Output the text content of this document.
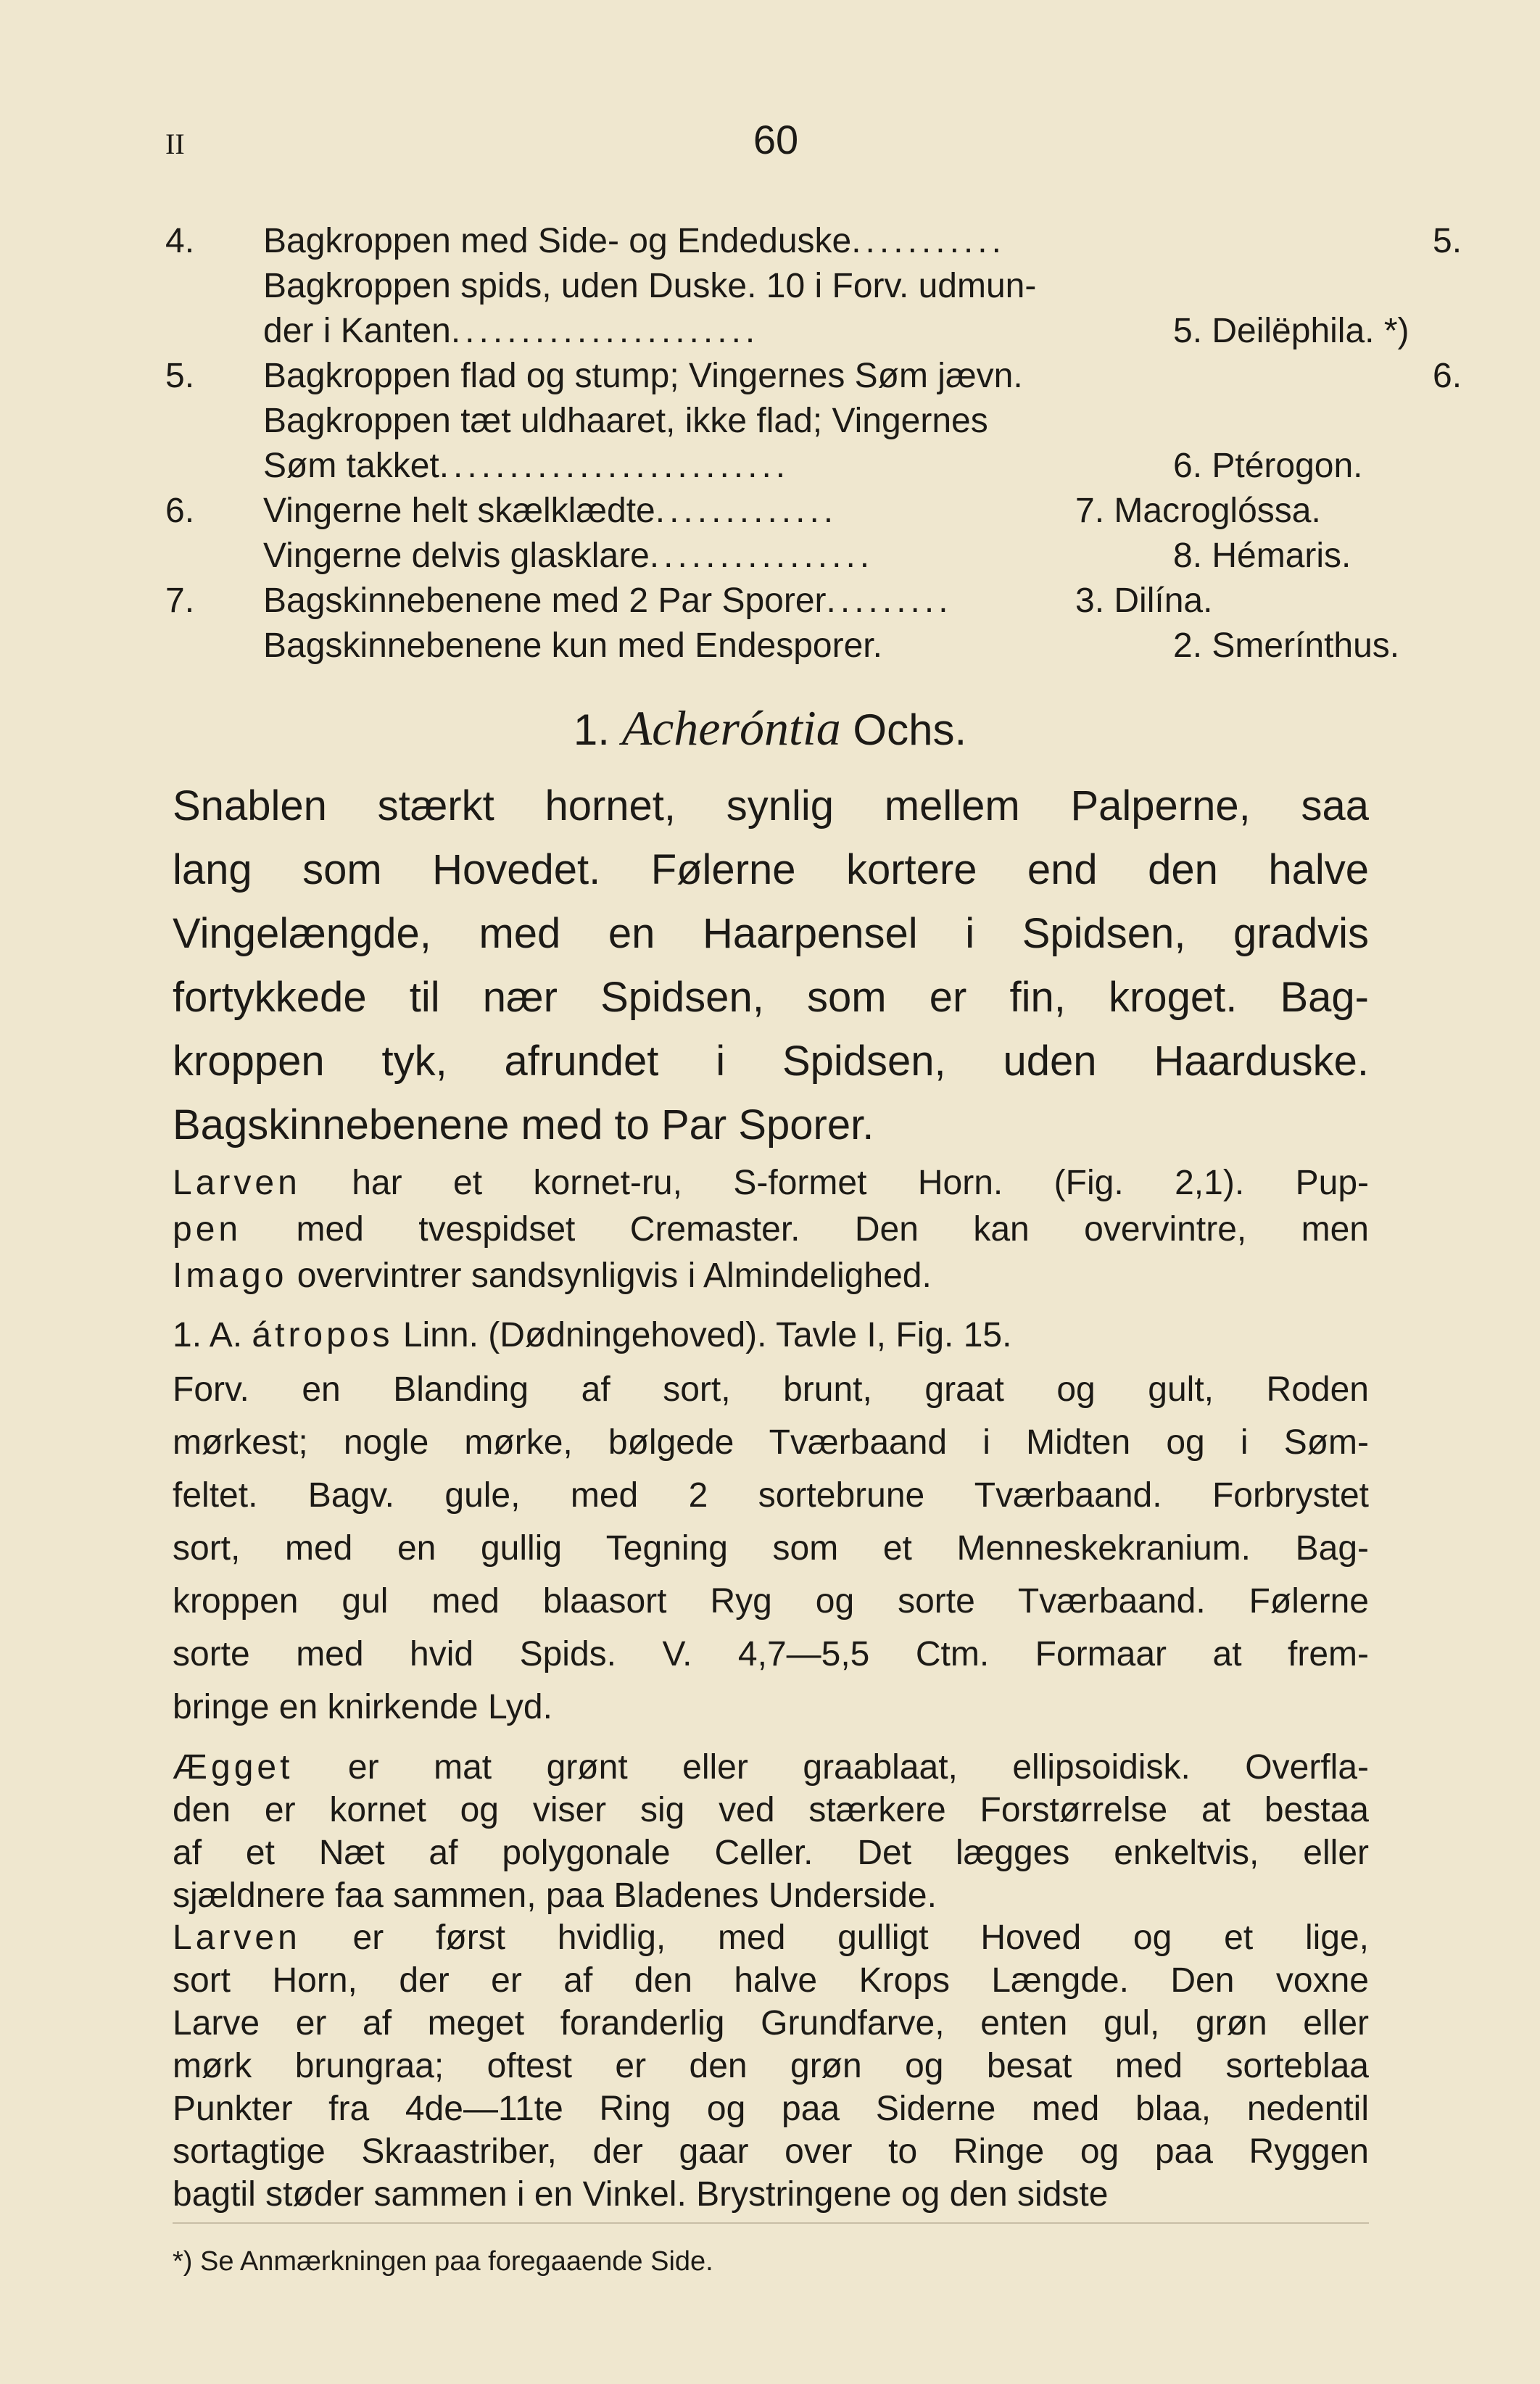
II	60
4.	Bagkroppen med Side- og Endeduske...........	5.
Bagkroppen spids, uden Duske. 10 i Forv. udmun-
der i Kanten......................	5. Deilëphila. *)
5.	Bagkroppen flad og stump; Vingernes Søm jævn.	6.
Bagkroppen tæt uldhaaret, ikke flad; Vingernes
Søm takket.........................	6. Ptérogon.
6.	Vingerne helt skælklædte.............	7. Macroglóssa.
Vingerne delvis glasklare................	8. Hémaris.
7.	Bagskinnebenene med 2 Par Sporer.........	3. Dilína.
Bagskinnebenene kun med Endesporer.	2. Smerínthus.
1. Acheróntia Ochs.
Snablen stærkt hornet, synlig mellem Palperne, saa
lang som Hovedet. Følerne kortere end den halve
Vingelængde, med en Haarpensel i Spidsen, gradvis
fortykkede til nær Spidsen, som er fin, kroget. Bag-
kroppen tyk, afrundet i Spidsen, uden Haarduske.
Bagskinnebenene med to Par Sporer.
Larven har et kornet-ru, S-formet Horn. (Fig. 2,1). Pup-
pen med tvespidset Cremaster. Den kan overvintre, men
Imago overvintrer sandsynligvis i Almindelighed.
1. A. átropos Linn. (Dødningehoved). Tavle I, Fig. 15.
Forv. en Blanding af sort, brunt, graat og gult, Roden
mørkest; nogle mørke, bølgede Tværbaand i Midten og i Søm-
feltet. Bagv. gule, med 2 sortebrune Tværbaand. Forbrystet
sort, med en gullig Tegning som et Menneskekranium. Bag-
kroppen gul med blaasort Ryg og sorte Tværbaand. Følerne
sorte med hvid Spids. V. 4,7—5,5 Ctm. Formaar at frem-
bringe en knirkende Lyd.
Ægget er mat grønt eller graablaat, ellipsoidisk. Overfla-
den er kornet og viser sig ved stærkere Forstørrelse at bestaa
af et Næt af polygonale Celler. Det lægges enkeltvis, eller
sjældnere faa sammen, paa Bladenes Underside.
Larven er først hvidlig, med gulligt Hoved og et lige,
sort Horn, der er af den halve Krops Længde. Den voxne
Larve er af meget foranderlig Grundfarve, enten gul, grøn eller
mørk brungraa; oftest er den grøn og besat med sorteblaa
Punkter fra 4de—11te Ring og paa Siderne med blaa, nedentil
sortagtige Skraastriber, der gaar over to Ringe og paa Ryggen
bagtil støder sammen i en Vinkel. Brystringene og den sidste
*) Se Anmærkningen paa foregaaende Side.
